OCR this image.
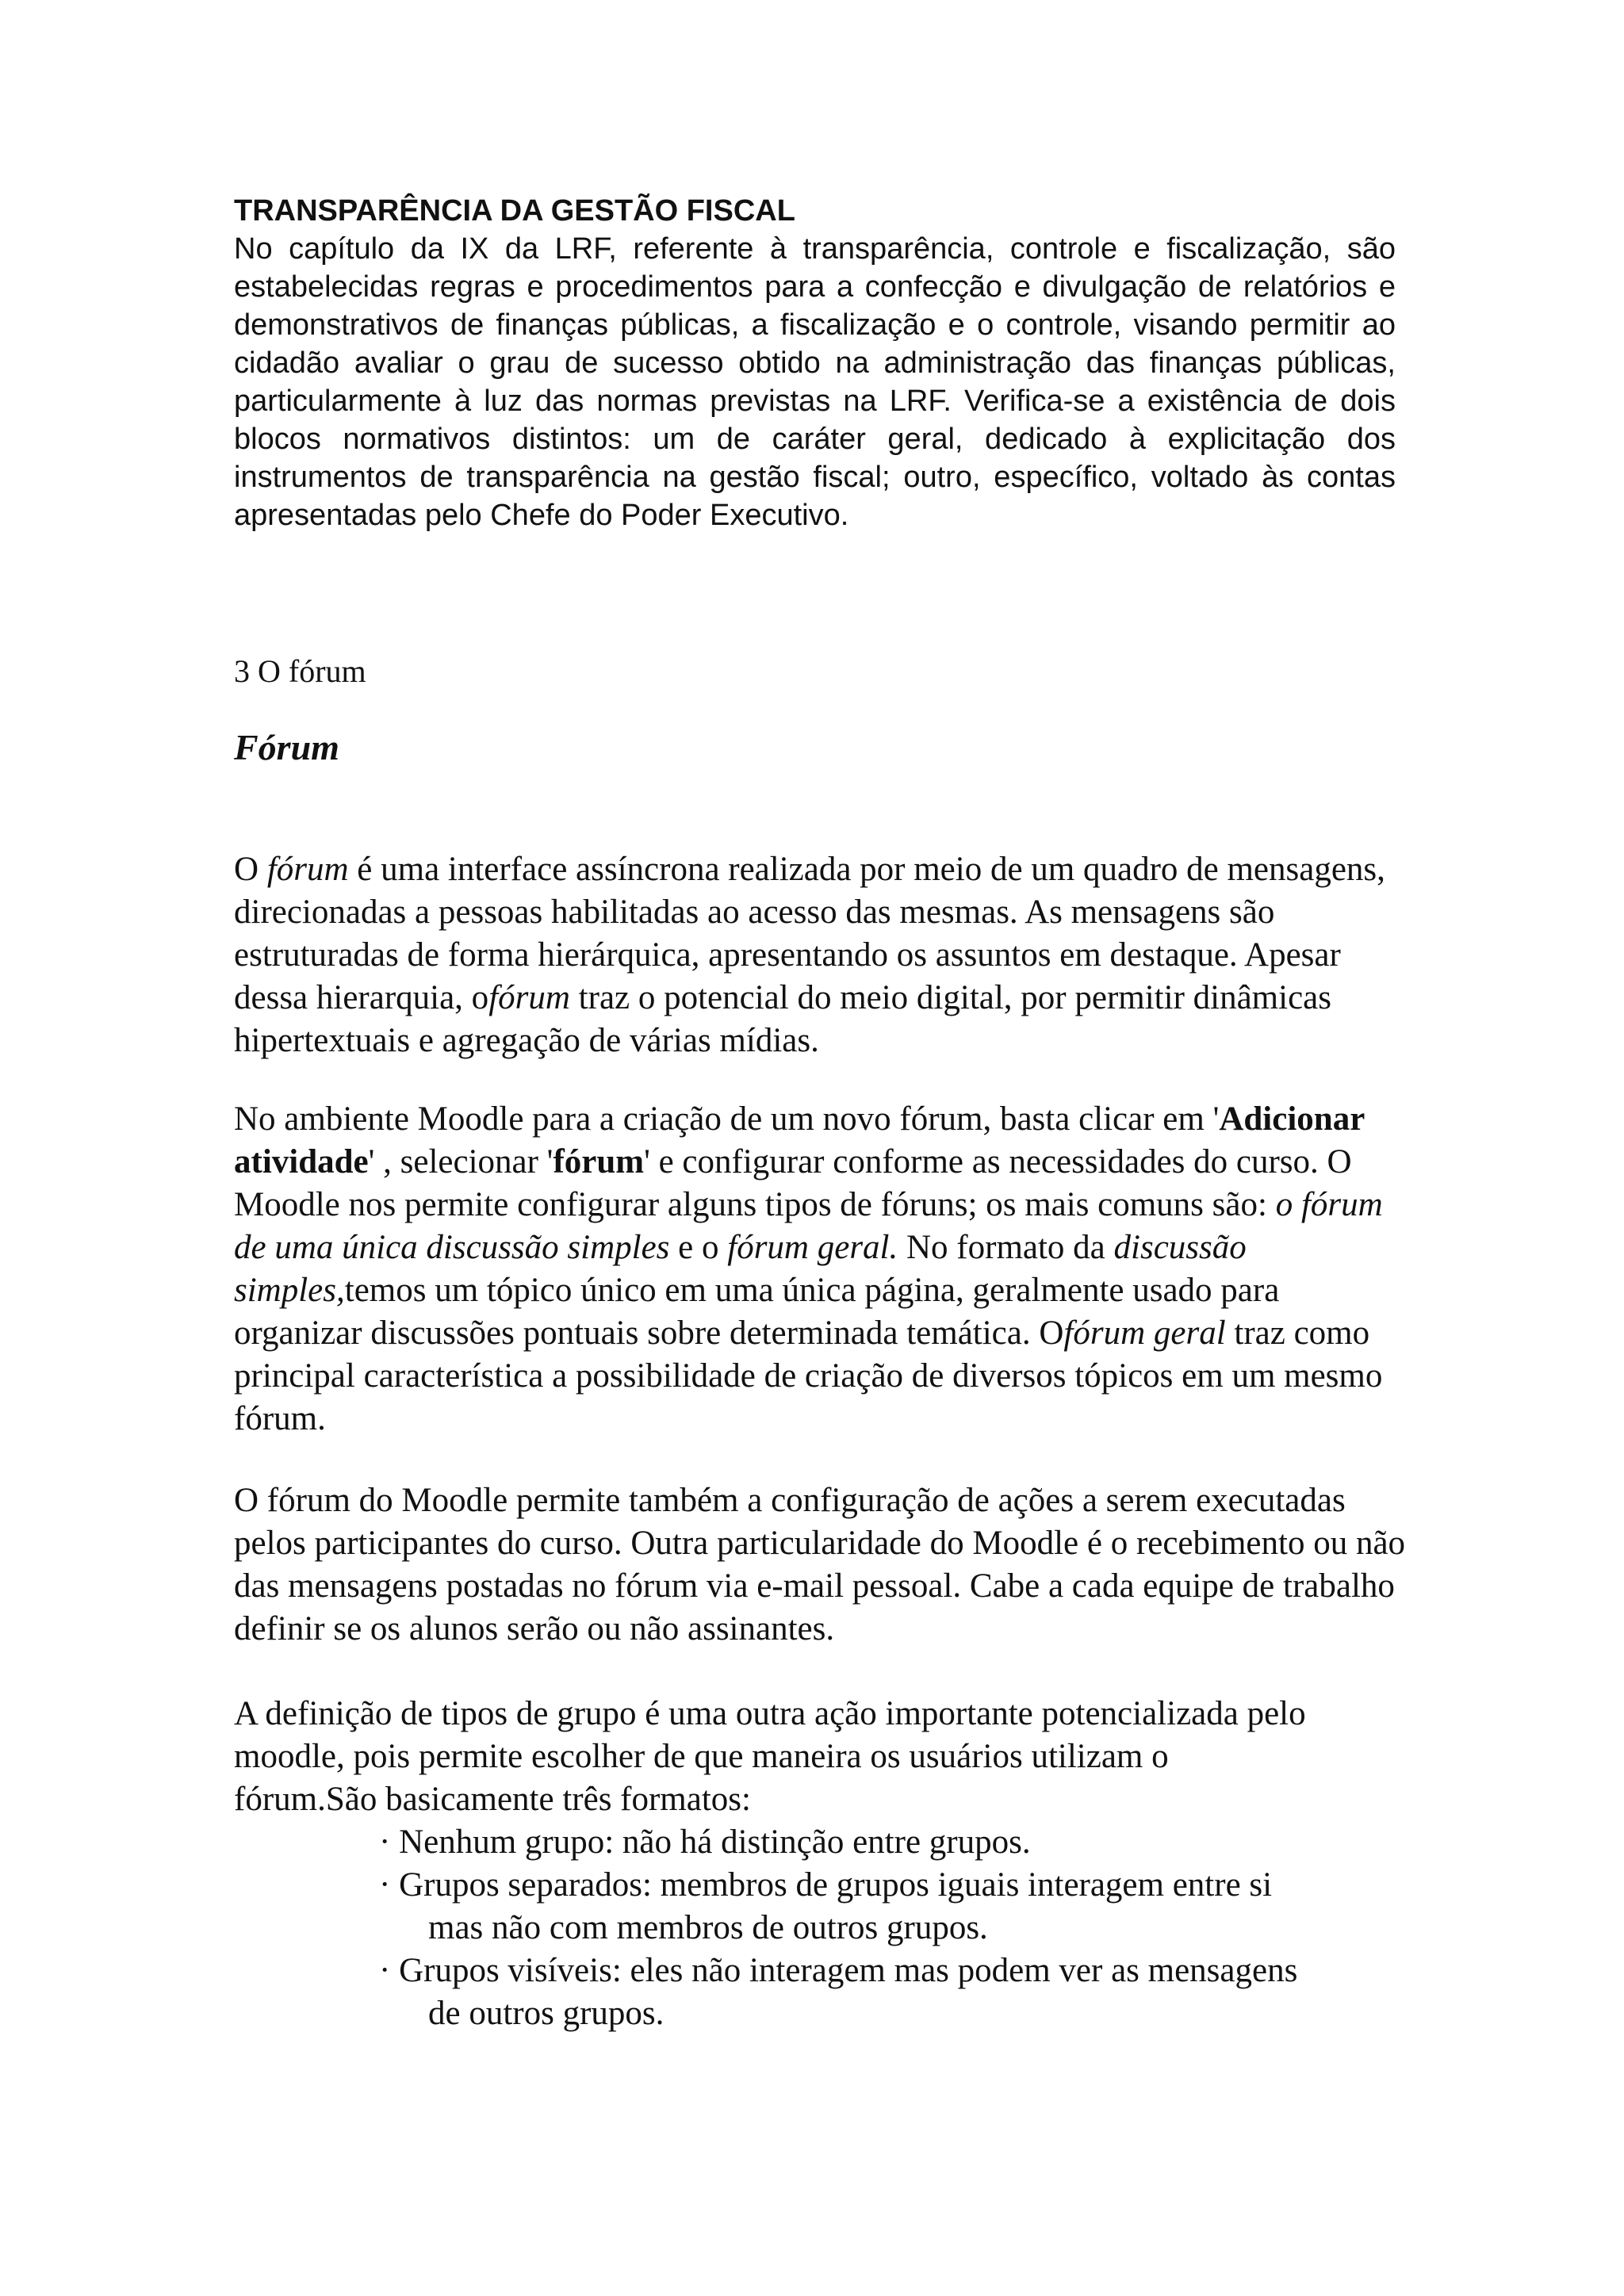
TRANSPARÊNCIA DA GESTÃO FISCAL

No capítulo da IX da LRF, referente à transparência, controle e fiscalização, são estabelecidas regras e procedimentos para a confecção e divulgação de relatórios e demonstrativos de finanças públicas, a fiscalização e o controle, visando permitir ao cidadão avaliar o grau de sucesso obtido na administração das finanças públicas, particularmente à luz das normas previstas na LRF. Verifica-se a existência de dois blocos normativos distintos: um de caráter geral, dedicado à explicitação dos instrumentos de transparência na gestão fiscal; outro, específico, voltado às contas apresentadas pelo Chefe do Poder Executivo.

3 O fórum
Fórum

O fórum é uma interface assíncrona realizada por meio de um quadro de mensagens, direcionadas a pessoas habilitadas ao acesso das mesmas. As mensagens são estruturadas de forma hierárquica, apresentando os assuntos em destaque. Apesar dessa hierarquia, ofórum traz o potencial do meio digital, por permitir dinâmicas hipertextuais e agregação de várias mídias.

No ambiente Moodle para a criação de um novo fórum, basta clicar em 'Adicionar atividade' , selecionar 'fórum' e configurar conforme as necessidades do curso. O Moodle nos permite configurar alguns tipos de fóruns; os mais comuns são: o fórum de uma única discussão simples e o fórum geral. No formato da discussão simples,temos um tópico único em uma única página, geralmente usado para organizar discussões pontuais sobre determinada temática. Ofórum geral traz como principal característica a possibilidade de criação de diversos tópicos em um mesmo fórum.

O fórum do Moodle permite também a configuração de ações a serem executadas pelos participantes do curso. Outra particularidade do Moodle é o recebimento ou não das mensagens postadas no fórum via e-mail pessoal. Cabe a cada equipe de trabalho definir se os alunos serão ou não assinantes.

A definição de tipos de grupo é uma outra ação importante potencializada pelo
moodle, pois permite escolher de que maneira os usuários utilizam o
fórum.São basicamente três formatos:
· Nenhum grupo: não há distinção entre grupos.
· Grupos separados: membros de grupos iguais interagem entre si
mas não com membros de outros grupos.
· Grupos visíveis: eles não interagem mas podem ver as mensagens
de outros grupos.
